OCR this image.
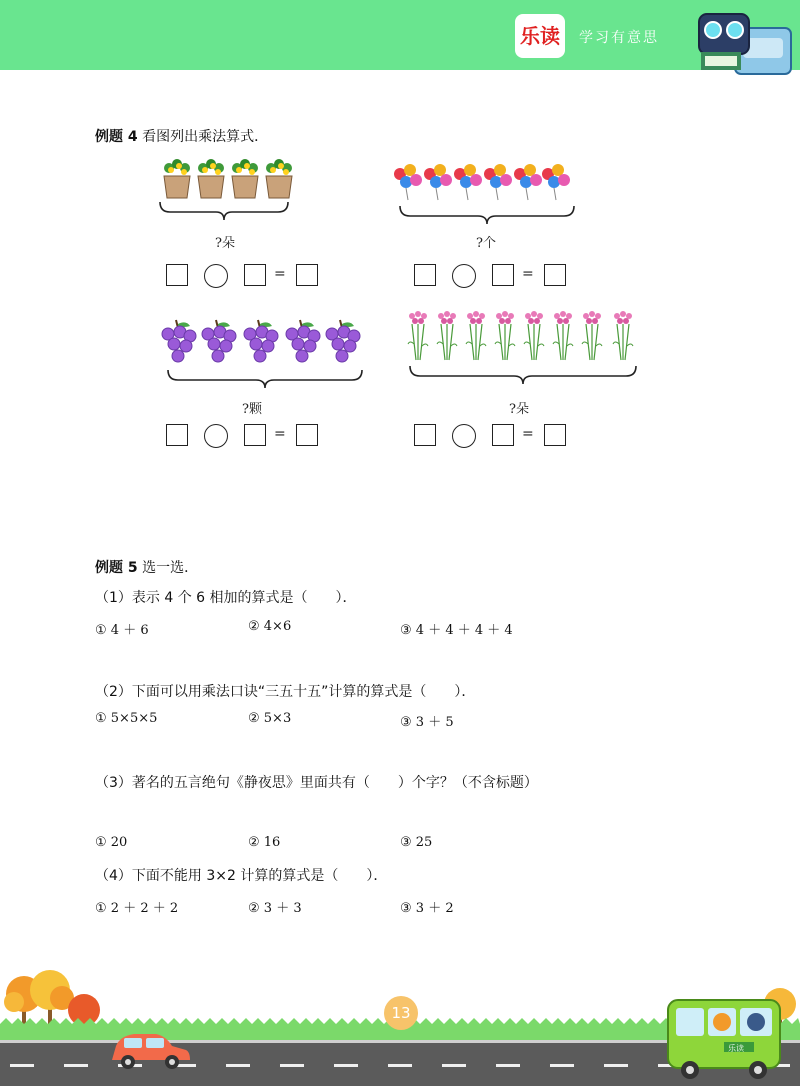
乐读	学习有意思
例题 4 看图列出乘法算式．
?朵
=
?个
=
?颗
=
?朵
=
例题 5 选一选．
（1）表示 4 个 6 相加的算式是（　　）．
① 4 ＋ 6	② 4×6	③ 4 ＋ 4 ＋ 4 ＋ 4
（2）下面可以用乘法口诀“三五十五”计算的算式是（　　）．
① 5×5×5	② 5×3	③ 3 ＋ 5
（3）著名的五言绝句《静夜思》里面共有（　　）个字？（不含标题）
① 20	② 16	③ 25
（4）下面不能用 3×2 计算的算式是（　　）．
① 2 ＋ 2 ＋ 2	② 3 ＋ 3	③ 3 ＋ 2
乐读
13
